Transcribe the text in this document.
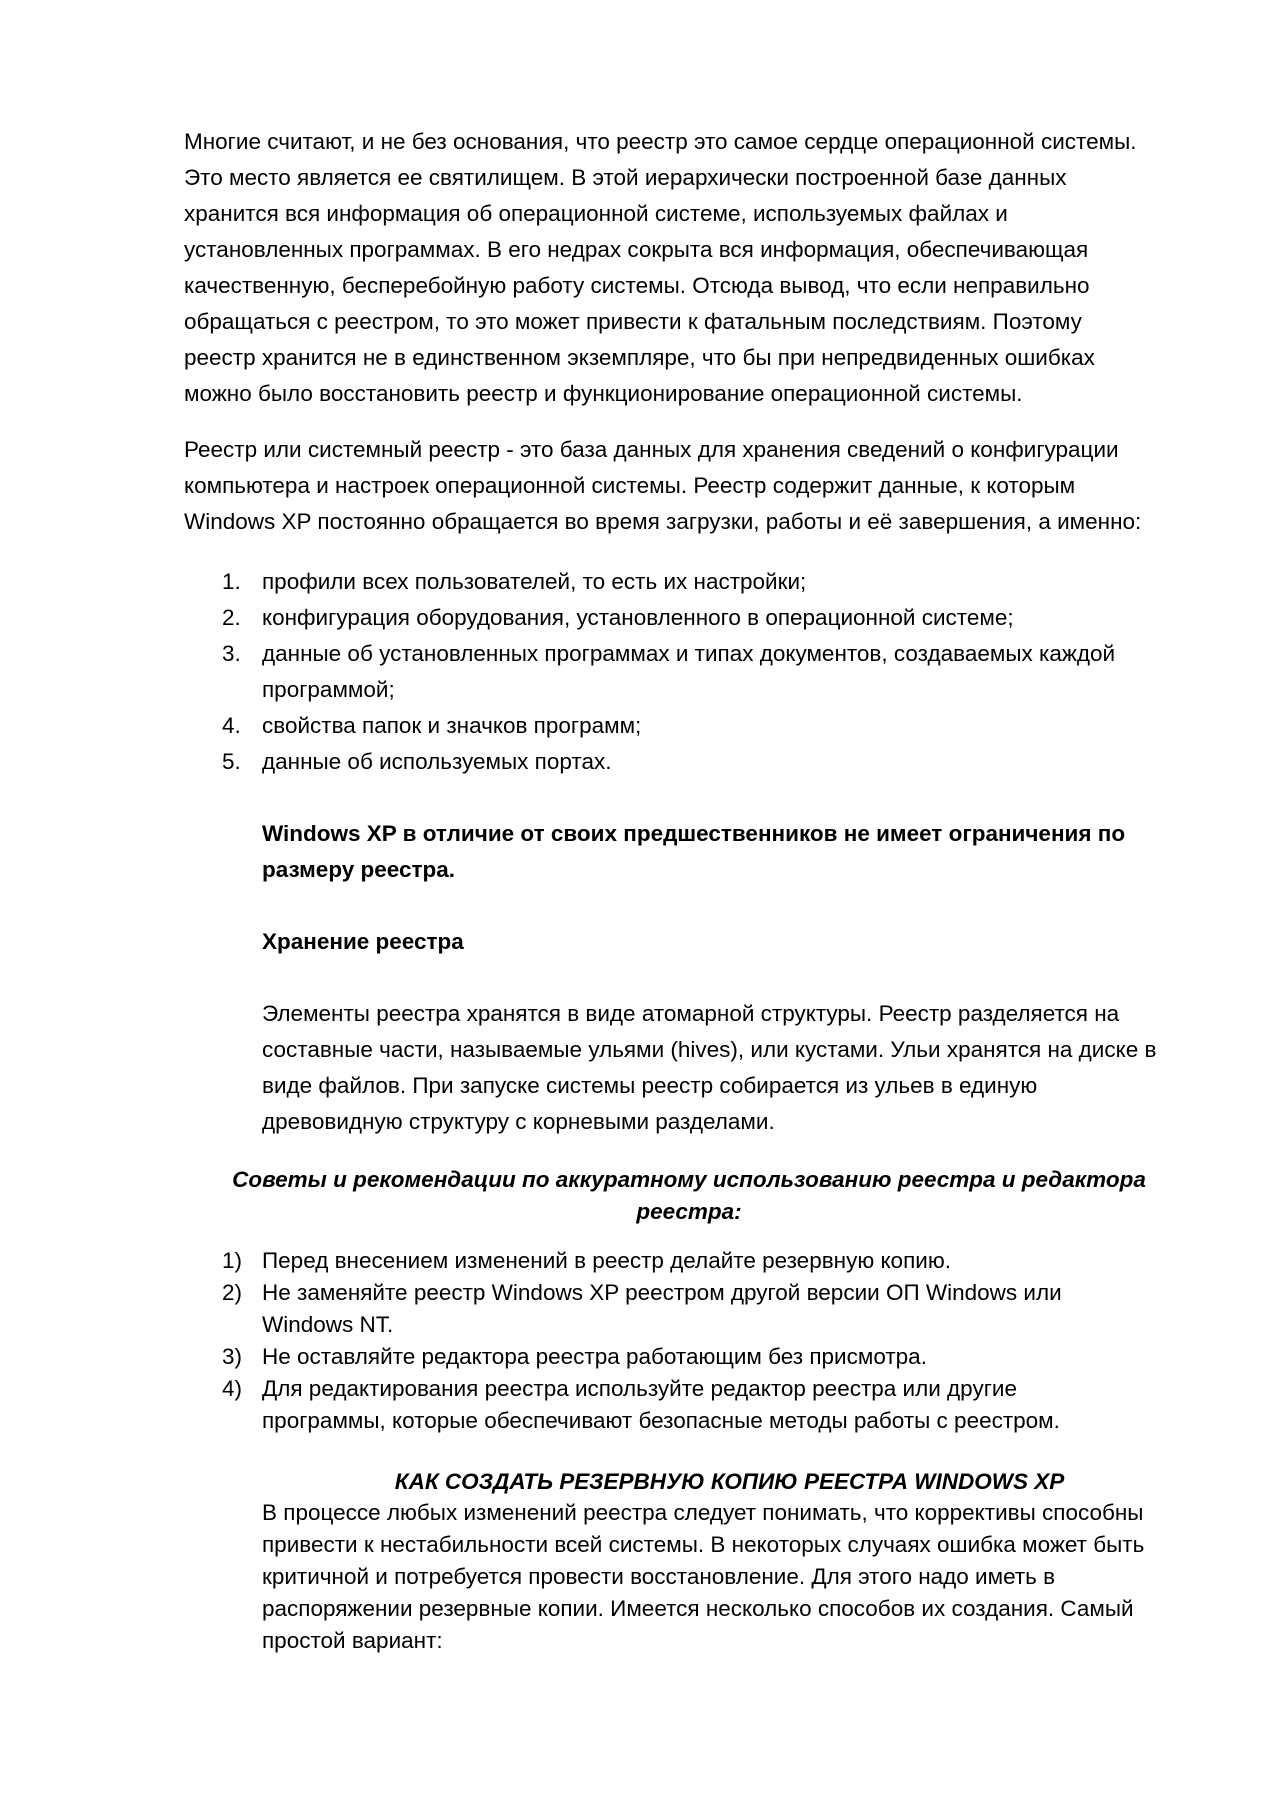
Многие считают, и не без основания, что реестр это самое сердце операционной системы.
Это место является ее святилищем. В этой иерархически построенной базе данных
хранится вся информация об операционной системе, используемых файлах и
установленных программах. В его недрах сокрыта вся информация, обеспечивающая
качественную, бесперебойную работу системы. Отсюда вывод, что если неправильно
обращаться с реестром, то это может привести к фатальным последствиям. Поэтому
реестр хранится не в единственном экземпляре, что бы при непредвиденных ошибках
можно было восстановить реестр и функционирование операционной системы.
Реестр или системный реестр - это база данных для хранения сведений о конфигурации
компьютера и настроек операционной системы. Реестр содержит данные, к которым
Windows XP постоянно обращается во время загрузки, работы и её завершения, а именно:
1. профили всех пользователей, то есть их настройки;
2. конфигурация оборудования, установленного в операционной системе;
3. данные об установленных программах и типах документов, создаваемых каждой
программой;
4. свойства папок и значков программ;
5. данные об используемых портах.
Windows XP в отличие от своих предшественников не имеет ограничения по
размеру реестра.
Хранение реестра
Элементы реестра хранятся в виде атомарной структуры. Реестр разделяется на
составные части, называемые ульями (hives), или кустами. Ульи хранятся на диске в
виде файлов. При запуске системы реестр собирается из ульев в единую
древовидную структуру с корневыми разделами.
Советы и рекомендации по аккуратному использованию реестра и редактора
реестра:
1) Перед внесением изменений в реестр делайте резервную копию.
2) Не заменяйте реестр Windows XP реестром другой версии ОП Windows или
Windows NT.
3) Не оставляйте редактора реестра работающим без присмотра.
4) Для редактирования реестра используйте редактор реестра или другие
программы, которые обеспечивают безопасные методы работы с реестром.
КАК СОЗДАТЬ РЕЗЕРВНУЮ КОПИЮ РЕЕСТРА WINDOWS XP
В процессе любых изменений реестра следует понимать, что коррективы способны
привести к нестабильности всей системы. В некоторых случаях ошибка может быть
критичной и потребуется провести восстановление. Для этого надо иметь в
распоряжении резервные копии. Имеется несколько способов их создания. Самый
простой вариант:
